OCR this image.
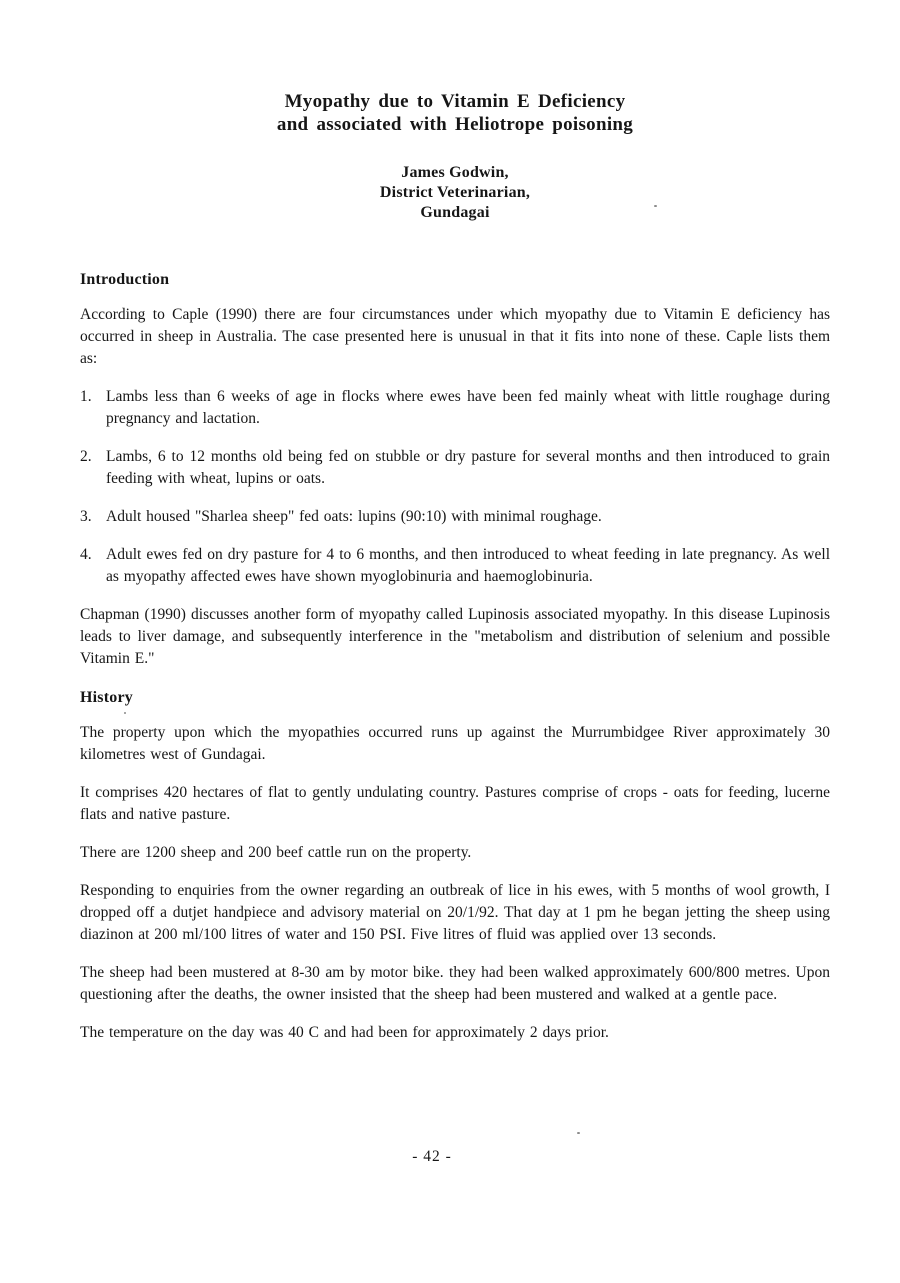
Myopathy due to Vitamin E Deficiency
and associated with Heliotrope poisoning
James Godwin,
District Veterinarian,
Gundagai
Introduction

According to Caple (1990) there are four circumstances under which myopathy due to Vitamin E deficiency has occurred in sheep in Australia. The case presented here is unusual in that it fits into none of these. Caple lists them as:

1. Lambs less than 6 weeks of age in flocks where ewes have been fed mainly wheat with little roughage during pregnancy and lactation.
2. Lambs, 6 to 12 months old being fed on stubble or dry pasture for several months and then introduced to grain feeding with wheat, lupins or oats.
3. Adult housed "Sharlea sheep" fed oats: lupins (90:10) with minimal roughage.
4. Adult ewes fed on dry pasture for 4 to 6 months, and then introduced to wheat feeding in late pregnancy. As well as myopathy affected ewes have shown myoglobinuria and haemoglobinuria.

Chapman (1990) discusses another form of myopathy called Lupinosis associated myopathy. In this disease Lupinosis leads to liver damage, and subsequently interference in the "metabolism and distribution of selenium and possible Vitamin E."

History

The property upon which the myopathies occurred runs up against the Murrumbidgee River approximately 30 kilometres west of Gundagai.

It comprises 420 hectares of flat to gently undulating country. Pastures comprise of crops - oats for feeding, lucerne flats and native pasture.

There are 1200 sheep and 200 beef cattle run on the property.

Responding to enquiries from the owner regarding an outbreak of lice in his ewes, with 5 months of wool growth, I dropped off a dutjet handpiece and advisory material on 20/1/92. That day at 1 pm he began jetting the sheep using diazinon at 200 ml/100 litres of water and 150 PSI. Five litres of fluid was applied over 13 seconds.

The sheep had been mustered at 8-30 am by motor bike. they had been walked approximately 600/800 metres. Upon questioning after the deaths, the owner insisted that the sheep had been mustered and walked at a gentle pace.

The temperature on the day was 40 C and had been for approximately 2 days prior.

- 42 -
